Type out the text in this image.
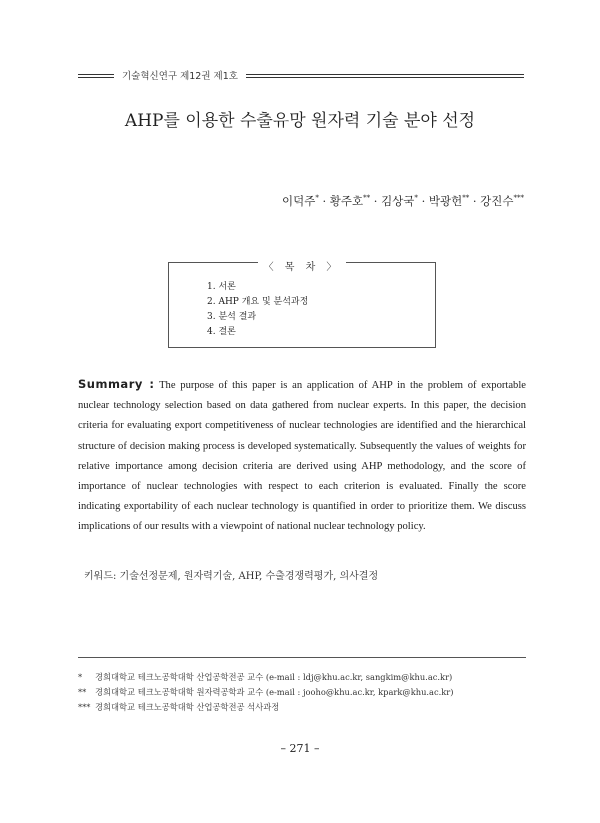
기술혁신연구 제12권 제1호
AHP를 이용한 수출유망 원자력 기술 분야 선정
이덕주* · 황주호** · 김상국* · 박광헌** · 강진수***
〈 목 차 〉
1. 서론
2. AHP 개요 및 분석과정
3. 분석 결과
4. 결론
Summary : The purpose of this paper is an application of AHP in the problem of exportable nuclear technology selection based on data gathered from nuclear experts. In this paper, the decision criteria for evaluating export competitiveness of nuclear technologies are identified and the hierarchical structure of decision making process is developed systematically. Subsequently the values of weights for relative importance among decision criteria are derived using AHP methodology, and the score of importance of nuclear technologies with respect to each criterion is evaluated. Finally the score indicating exportability of each nuclear technology is quantified in order to prioritize them. We discuss implications of our results with a viewpoint of national nuclear technology policy.
키워드: 기술선정문제, 원자력기술, AHP, 수출경쟁력평가, 의사결정
* 경희대학교 테크노공학대학 산업공학전공 교수 (e-mail : ldj@khu.ac.kr, sangkim@khu.ac.kr)
** 경희대학교 테크노공학대학 원자력공학과 교수 (e-mail : jooho@khu.ac.kr, kpark@khu.ac.kr)
*** 경희대학교 테크노공학대학 산업공학전공 석사과정
– 271 –
